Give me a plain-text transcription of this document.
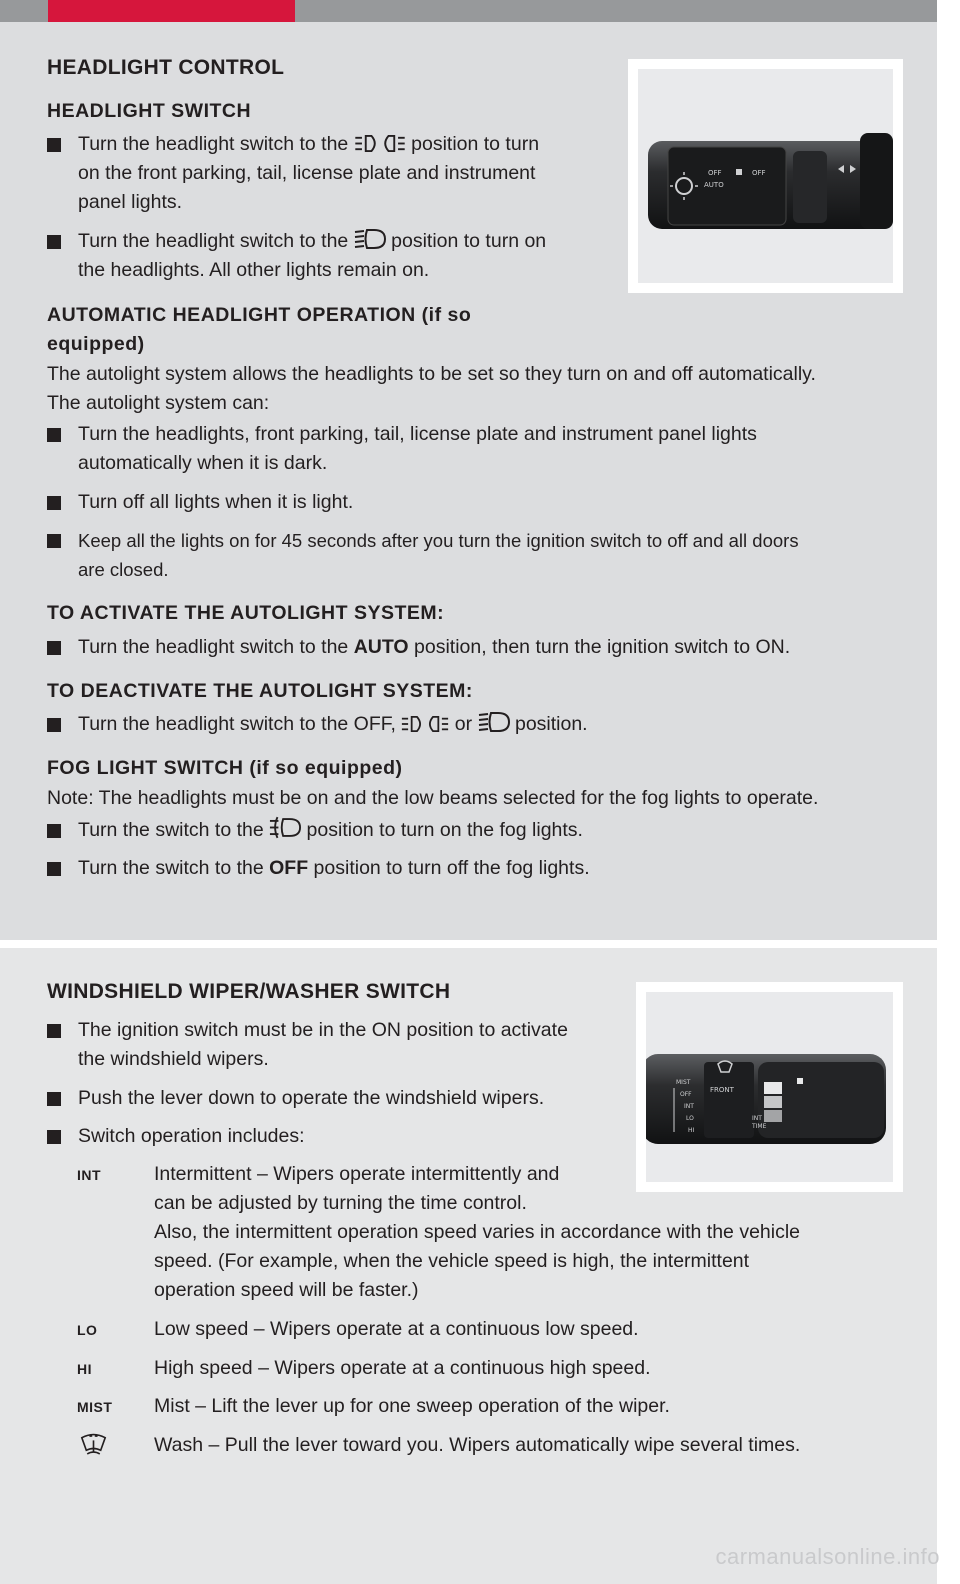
HEADLIGHT CONTROL
HEADLIGHT SWITCH
Turn the headlight switch to the	position to turn
on the front parking, tail, license plate and instrument
panel lights.
Turn the headlight switch to the position to turn on
the headlights. All other lights remain on.
AUTOMATIC HEADLIGHT OPERATION (if so
equipped)
The autolight system allows the headlights to be set so they turn on and off automatically.
The autolight system can:
Turn the headlights, front parking, tail, license plate and instrument panel lights
automatically when it is dark.
Turn off all lights when it is light.
Keep all the lights on for 45 seconds after you turn the ignition switch to off and all doors
are closed.
TO ACTIVATE THE AUTOLIGHT SYSTEM:
Turn the headlight switch to the AUTO position, then turn the ignition switch to ON.
TO DEACTIVATE THE AUTOLIGHT SYSTEM:
Turn the headlight switch to the OFF,	or position.
FOG LIGHT SWITCH (if so equipped)
Note: The headlights must be on and the low beams selected for the fog lights to operate.
Turn the switch to the position to turn on the fog lights.
Turn the switch to the OFF position to turn off the fog lights.
OFF
AUTO
OFF
WINDSHIELD WIPER/WASHER SWITCH
The ignition switch must be in the ON position to activate
the windshield wipers.
Push the lever down to operate the windshield wipers.
Switch operation includes:
INT	Intermittent – Wipers operate intermittently and
can be adjusted by turning the time control.
Also, the intermittent operation speed varies in accordance with the vehicle
speed. (For example, when the vehicle speed is high, the intermittent
operation speed will be faster.)
LO	Low speed – Wipers operate at a continuous low speed.
HI	High speed – Wipers operate at a continuous high speed.
MIST Mist – Lift the lever up for one sweep operation of the wiper.
Wash – Pull the lever toward you. Wipers automatically wipe several times.
MIST
OFF
INT
LO
HI
FRONT
INT
TIME
carmanualsonline.info
